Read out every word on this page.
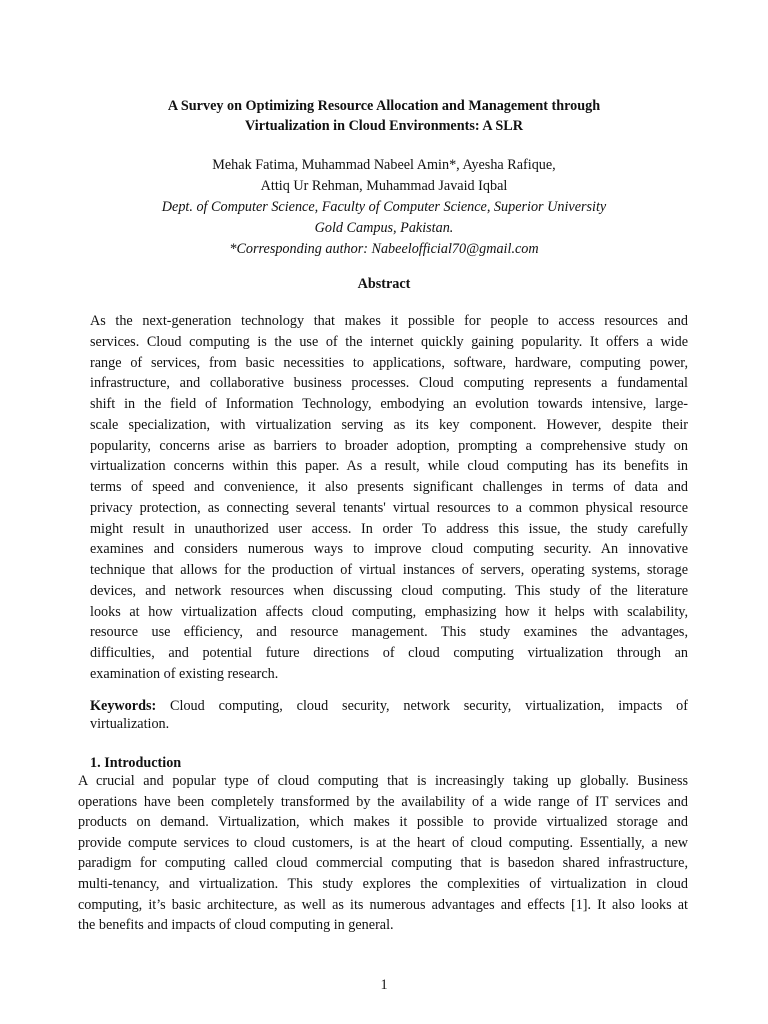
A Survey on Optimizing Resource Allocation and Management through
Virtualization in Cloud Environments: A SLR
Mehak Fatima, Muhammad Nabeel Amin*, Ayesha Rafique,
Attiq Ur Rehman, Muhammad Javaid Iqbal
Dept. of Computer Science, Faculty of Computer Science, Superior University
Gold Campus, Pakistan.
*Corresponding author: Nabeelofficial70@gmail.com
Abstract
As the next-generation technology that makes it possible for people to access resources and
services. Cloud computing is the use of the internet quickly gaining popularity. It offers a wide
range of services, from basic necessities to applications, software, hardware, computing power,
infrastructure, and collaborative business processes. Cloud computing represents a fundamental
shift in the field of Information Technology, embodying an evolution towards intensive, large-
scale specialization, with virtualization serving as its key component. However, despite their
popularity, concerns arise as barriers to broader adoption, prompting a comprehensive study on
virtualization concerns within this paper. As a result, while cloud computing has its benefits in
terms of speed and convenience, it also presents significant challenges in terms of data and
privacy protection, as connecting several tenants' virtual resources to a common physical resource
might result in unauthorized user access. In order To address this issue, the study carefully
examines and considers numerous ways to improve cloud computing security. An innovative
technique that allows for the production of virtual instances of servers, operating systems, storage
devices, and network resources when discussing cloud computing. This study of the literature
looks at how virtualization affects cloud computing, emphasizing how it helps with scalability,
resource use efficiency, and resource management. This study examines the advantages,
difficulties, and potential future directions of cloud computing virtualization through an
examination of existing research.
Keywords: Cloud computing, cloud security, network security, virtualization, impacts of
virtualization.
1. Introduction
A crucial and popular type of cloud computing that is increasingly taking up globally. Business
operations have been completely transformed by the availability of a wide range of IT services and
products on demand. Virtualization, which makes it possible to provide virtualized storage and
provide compute services to cloud customers, is at the heart of cloud computing. Essentially, a new
paradigm for computing called cloud commercial computing that is basedon shared infrastructure,
multi-tenancy, and virtualization. This study explores the complexities of virtualization in cloud
computing, it’s basic architecture, as well as its numerous advantages and effects [1]. It also looks at
the benefits and impacts of cloud computing in general.
1
